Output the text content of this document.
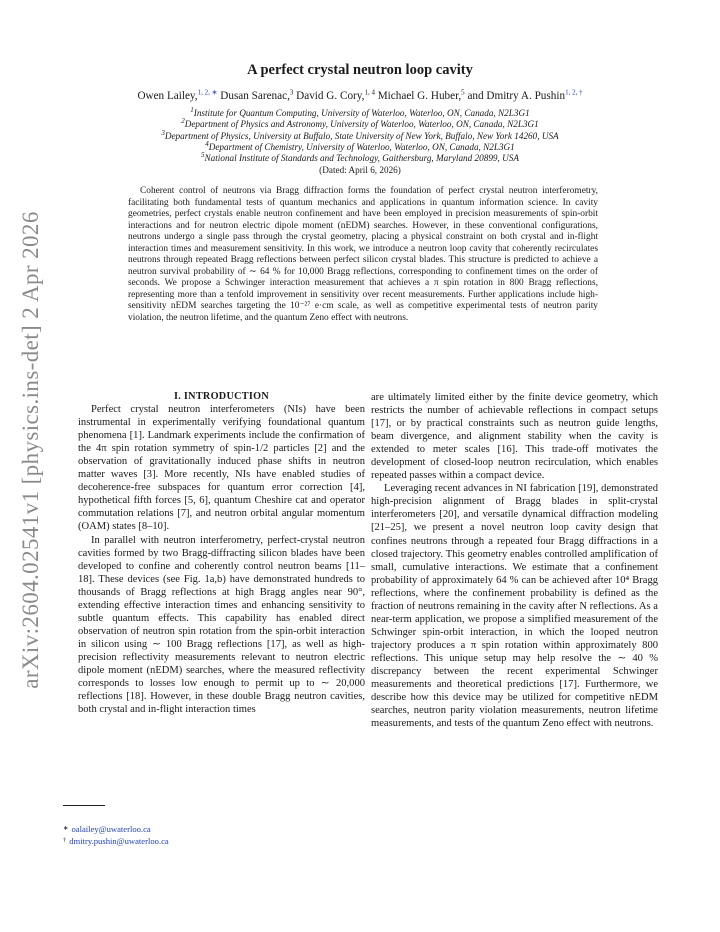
arXiv:2604.02541v1 [physics.ins-det] 2 Apr 2026
A perfect crystal neutron loop cavity
Owen Lailey,$^{1, 2, ∗}$ Dusan Sarenac,$^3$ David G. Cory,$^{1, 4}$ Michael G. Huber,$^5$ and Dmitry A. Pushin$^{1, 2, \dagger}$
$^1$Institute for Quantum Computing, University of Waterloo, Waterloo, ON, Canada, N2L3G1
$^2$Department of Physics and Astronomy, University of Waterloo, Waterloo, ON, Canada, N2L3G1
$^3$Department of Physics, University at Buffalo, State University of New York, Buffalo, New York 14260, USA
$^4$Department of Chemistry, University of Waterloo, Waterloo, ON, Canada, N2L3G1
$^5$National Institute of Standards and Technology, Gaithersburg, Maryland 20899, USA
(Dated: April 6, 2026)
Coherent control of neutrons via Bragg diffraction forms the foundation of perfect crystal neutron interferometry, facilitating both fundamental tests of quantum mechanics and applications in quantum information science. In cavity geometries, perfect crystals enable neutron confinement and have been employed in precision measurements of spin-orbit interactions and for neutron electric dipole moment (nEDM) searches. However, in these conventional configurations, neutrons undergo a single pass through the crystal geometry, placing a physical constraint on both crystal and in-flight interaction times and measurement sensitivity. In this work, we introduce a neutron loop cavity that coherently recirculates neutrons through repeated Bragg reflections between perfect silicon crystal blades. This structure is predicted to achieve a neutron survival probability of ∼ 64 % for 10,000 Bragg reflections, corresponding to confinement times on the order of seconds. We propose a Schwinger interaction measurement that achieves a π spin rotation in 800 Bragg reflections, representing more than a tenfold improvement in sensitivity over recent measurements. Further applications include high-sensitivity nEDM searches targeting the 10⁻²⁷ e·cm scale, as well as competitive experimental tests of neutron parity violation, the neutron lifetime, and the quantum Zeno effect with neutrons.

I. INTRODUCTION

Perfect crystal neutron interferometers (NIs) have been instrumental in experimentally verifying foundational quantum phenomena [1]. Landmark experiments include the confirmation of the 4π spin rotation symmetry of spin-1/2 particles [2] and the observation of gravitationally induced phase shifts in neutron matter waves [3]. More recently, NIs have enabled studies of decoherence-free subspaces for quantum error correction [4], hypothetical fifth forces [5, 6], quantum Cheshire cat and operator commutation relations [7], and neutron orbital angular momentum (OAM) states [8–10].

In parallel with neutron interferometry, perfect-crystal neutron cavities formed by two Bragg-diffracting silicon blades have been developed to confine and coherently control neutron beams [11–18]. These devices (see Fig. 1a,b) have demonstrated hundreds to thousands of Bragg reflections at high Bragg angles near 90°, extending effective interaction times and enhancing sensitivity to subtle quantum effects. This capability has enabled direct observation of neutron spin rotation from the spin-orbit interaction in silicon using ∼ 100 Bragg reflections [17], as well as high-precision reflectivity measurements relevant to neutron electric dipole moment (nEDM) searches, where the measured reflectivity corresponds to losses low enough to permit up to ∼ 20,000 reflections [18]. However, in these double Bragg neutron cavities, both crystal and in-flight interaction times

are ultimately limited either by the finite device geometry, which restricts the number of achievable reflections in compact setups [17], or by practical constraints such as neutron guide lengths, beam divergence, and alignment stability when the cavity is extended to meter scales [16]. This trade-off motivates the development of closed-loop neutron recirculation, which enables repeated passes within a compact device.

Leveraging recent advances in NI fabrication [19], demonstrated high-precision alignment of Bragg blades in split-crystal interferometers [20], and versatile dynamical diffraction modeling [21–25], we present a novel neutron loop cavity design that confines neutrons through a repeated four Bragg diffractions in a closed trajectory. This geometry enables controlled amplification of small, cumulative interactions. We estimate that a confinement probability of approximately 64 % can be achieved after 10⁴ Bragg reflections, where the confinement probability is defined as the fraction of neutrons remaining in the cavity after N reflections. As a near-term application, we propose a simplified measurement of the Schwinger spin-orbit interaction, in which the looped neutron trajectory produces a π spin rotation within approximately 800 reflections. This unique setup may help resolve the ∼ 40 % discrepancy between the recent experimental Schwinger measurements and theoretical predictions [17]. Furthermore, we describe how this device may be utilized for competitive nEDM searches, neutron parity violation measurements, neutron lifetime measurements, and tests of the quantum Zeno effect with neutrons.

∗ oalailey@uwaterloo.ca
† dmitry.pushin@uwaterloo.ca
